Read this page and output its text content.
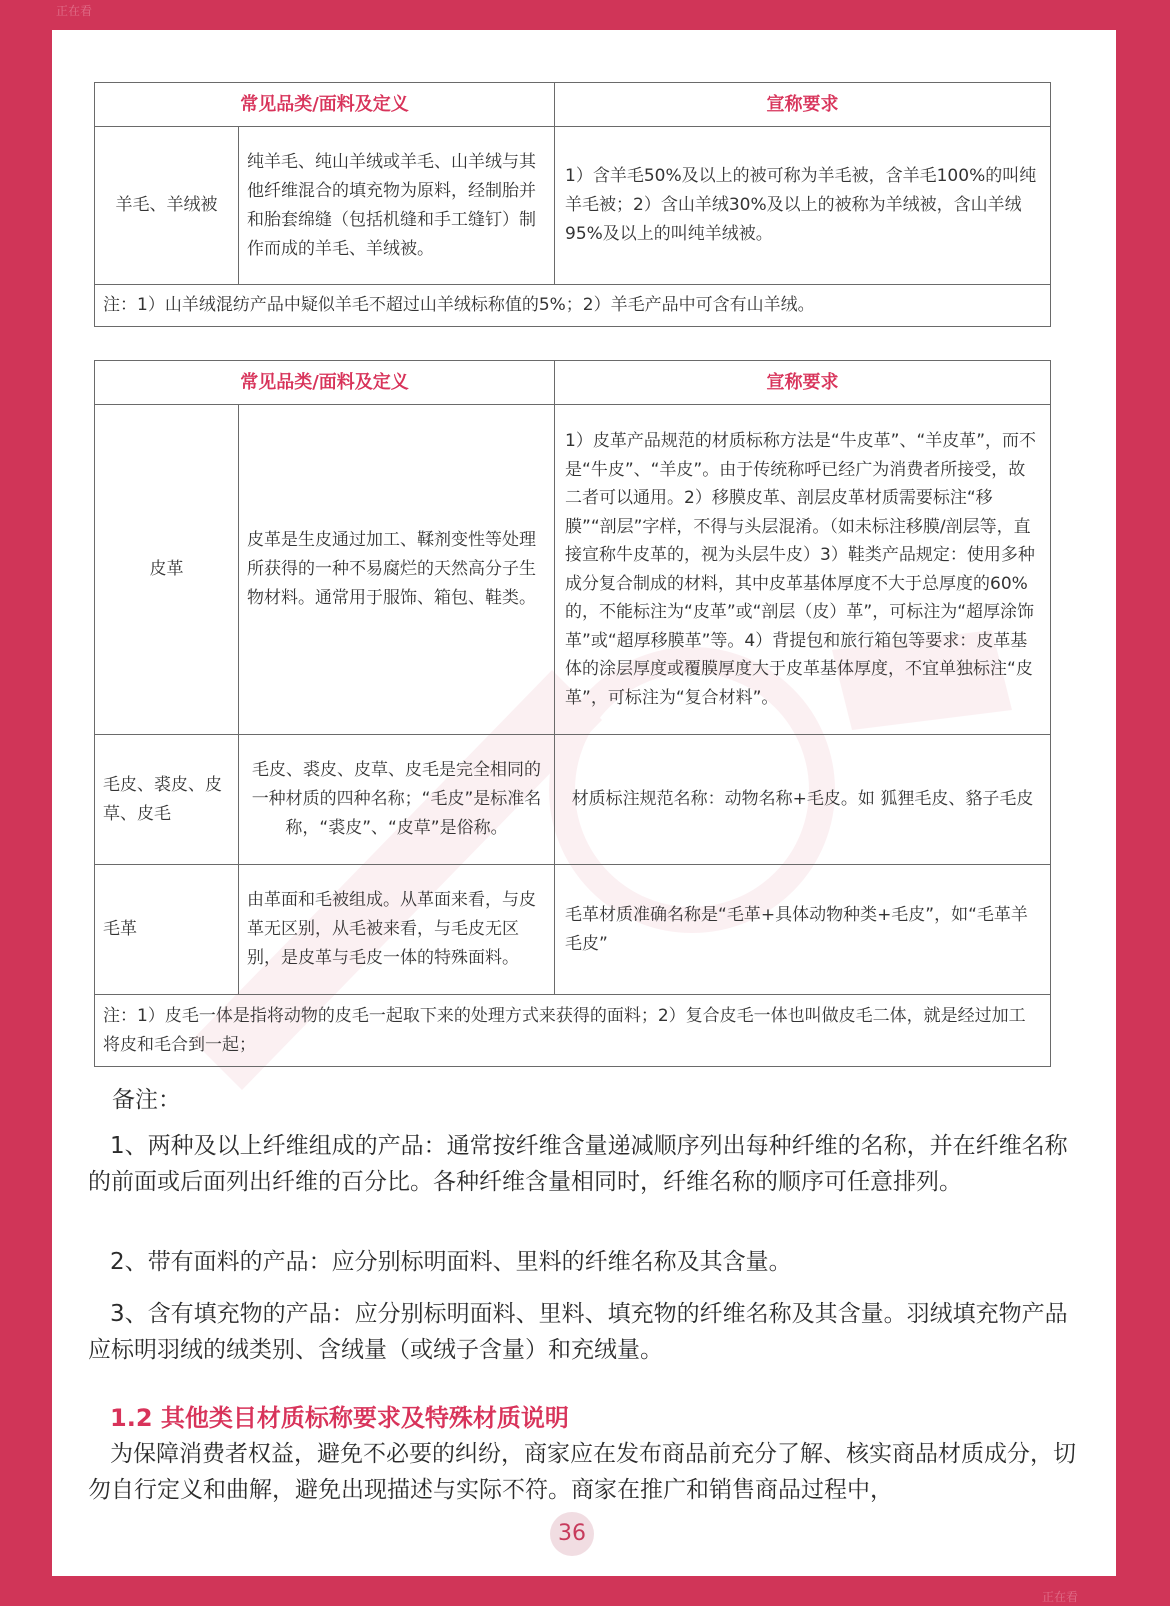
正在看
正在看
常见品类/面料及定义		宣称要求
羊毛、羊绒被	纯羊毛、纯山羊绒或羊毛、山羊绒与其他纤维混合的填充物为原料，经制胎并和胎套绵缝（包括机缝和手工缝钉）制作而成的羊毛、羊绒被。	1）含羊毛50%及以上的被可称为羊毛被，含羊毛100%的叫纯羊毛被；2）含山羊绒30%及以上的被称为羊绒被，含山羊绒95%及以上的叫纯羊绒被。
注：1）山羊绒混纺产品中疑似羊毛不超过山羊绒标称值的5%；2）羊毛产品中可含有山羊绒。		
常见品类/面料及定义		宣称要求
皮革	皮革是生皮通过加工、鞣剂变性等处理所获得的一种不易腐烂的天然高分子生物材料。通常用于服饰、箱包、鞋类。	1）皮革产品规范的材质标称方法是“牛皮革”、“羊皮革”，而不是“牛皮”、“羊皮”。由于传统称呼已经广为消费者所接受，故二者可以通用。2）移膜皮革、剖层皮革材质需要标注“移膜”“剖层”字样，不得与头层混淆。（如未标注移膜/剖层等，直接宣称牛皮革的，视为头层牛皮）3）鞋类产品规定：使用多种成分复合制成的材料，其中皮革基体厚度不大于总厚度的60%的，不能标注为“皮革”或“剖层（皮）革”，可标注为“超厚涂饰革”或“超厚移膜革”等。4）背提包和旅行箱包等要求：皮革基体的涂层厚度或覆膜厚度大于皮革基体厚度，不宜单独标注“皮革”，可标注为“复合材料”。
毛皮、裘皮、皮草、皮毛	毛皮、裘皮、皮草、皮毛是完全相同的一种材质的四种名称；“毛皮”是标准名称，“裘皮”、“皮草”是俗称。	材质标注规范名称：动物名称+毛皮。如 狐狸毛皮、貉子毛皮
毛革	由革面和毛被组成。从革面来看，与皮革无区别，从毛被来看，与毛皮无区别，是皮革与毛皮一体的特殊面料。	毛革材质准确名称是“毛革+具体动物种类+毛皮”，如“毛革羊毛皮”
注：1）皮毛一体是指将动物的皮毛一起取下来的处理方式来获得的面料；2）复合皮毛一体也叫做皮毛二体，就是经过加工将皮和毛合到一起；		
备注：
1、两种及以上纤维组成的产品：通常按纤维含量递减顺序列出每种纤维的名称，并在纤维名称的前面或后面列出纤维的百分比。各种纤维含量相同时，纤维名称的顺序可任意排列。
2、带有面料的产品：应分别标明面料、里料的纤维名称及其含量。
3、含有填充物的产品：应分别标明面料、里料、填充物的纤维名称及其含量。羽绒填充物产品应标明羽绒的绒类别、含绒量（或绒子含量）和充绒量。
1.2 其他类目材质标称要求及特殊材质说明
为保障消费者权益，避免不必要的纠纷，商家应在发布商品前充分了解、核实商品材质成分，切勿自行定义和曲解，避免出现描述与实际不符。商家在推广和销售商品过程中，
36
